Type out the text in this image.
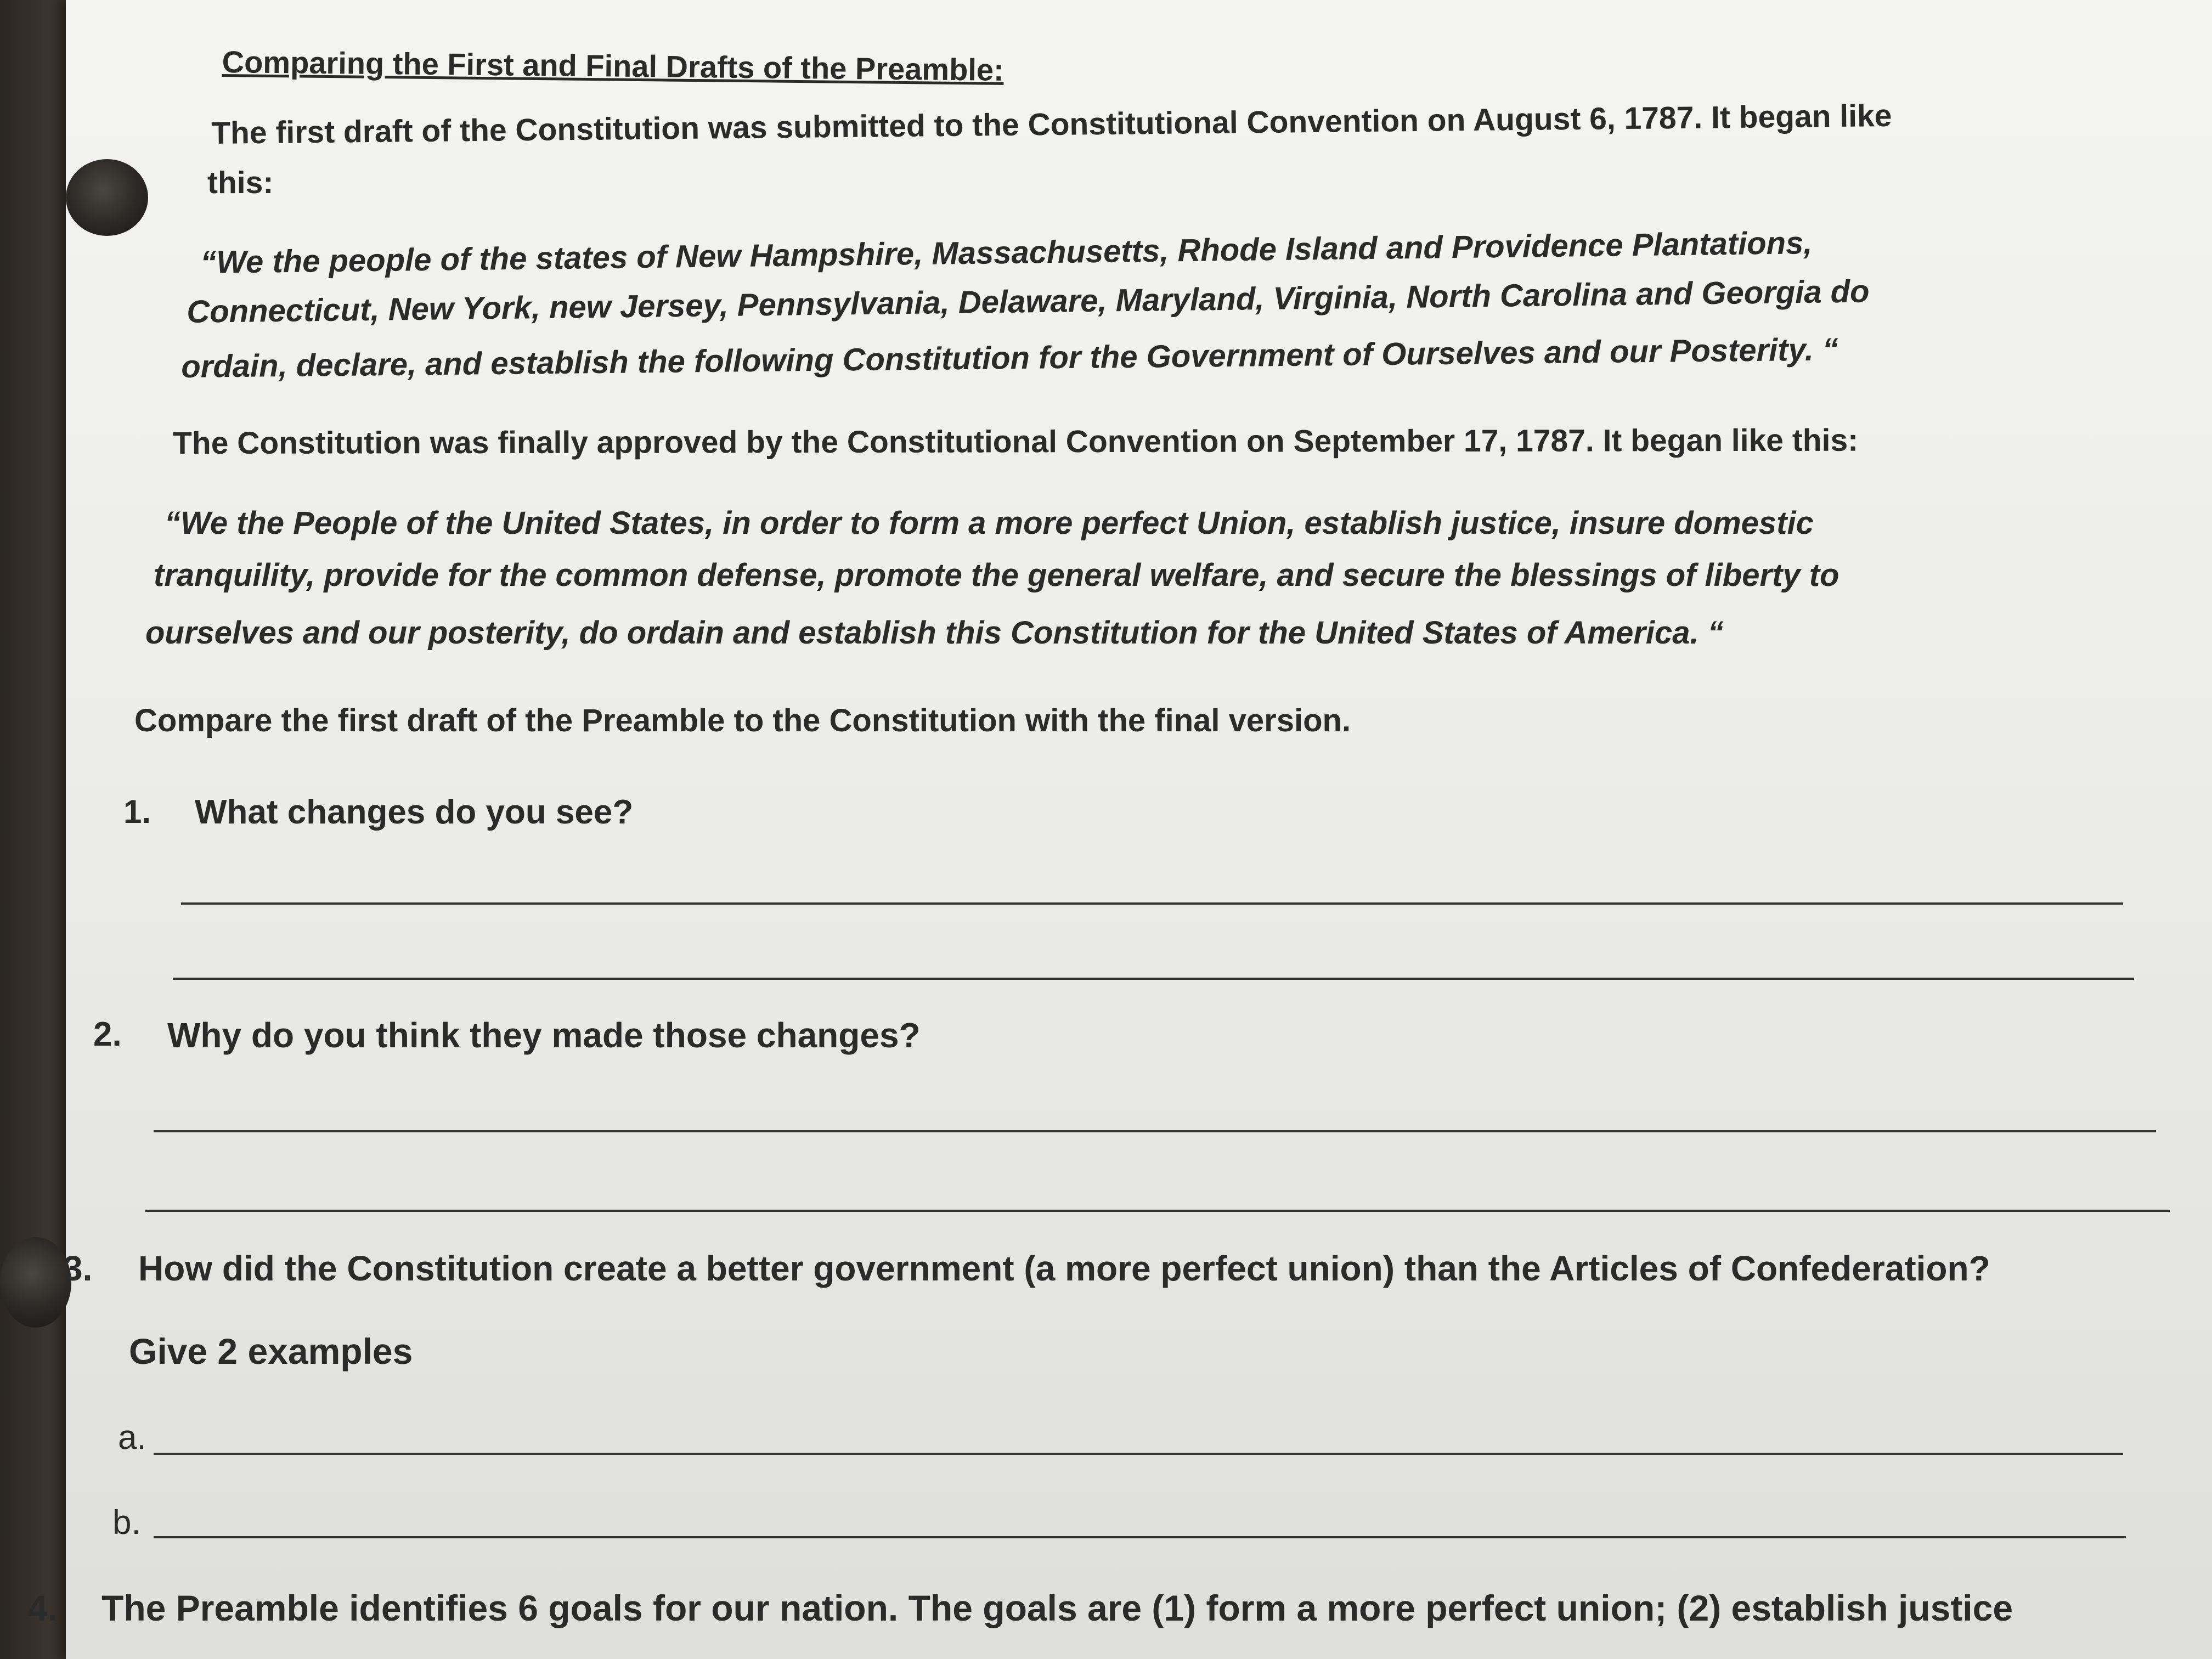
Comparing the First and Final Drafts of the Preamble:
The first draft of the Constitution was submitted to the Constitutional Convention on August 6, 1787. It began like
this:
“We the people of the states of New Hampshire, Massachusetts, Rhode Island and Providence Plantations,
Connecticut, New York, new Jersey, Pennsylvania, Delaware, Maryland, Virginia, North Carolina and Georgia do
ordain, declare, and establish the following Constitution for the Government of Ourselves and our Posterity. “
The Constitution was finally approved by the Constitutional Convention on September 17, 1787. It began like this:
“We the People of the United States, in order to form a more perfect Union, establish justice, insure domestic
tranquility, provide for the common defense, promote the general welfare, and secure the blessings of liberty to
ourselves and our posterity, do ordain and establish this Constitution for the United States of America. “
Compare the first draft of the Preamble to the Constitution with the final version.
1. What changes do you see?
2. Why do you think they made those changes?
3. How did the Constitution create a better government (a more perfect union) than the Articles of Confederation?
Give 2 examples
a.
b.
4. The Preamble identifies 6 goals for our nation. The goals are (1) form a more perfect union; (2) establish justice
